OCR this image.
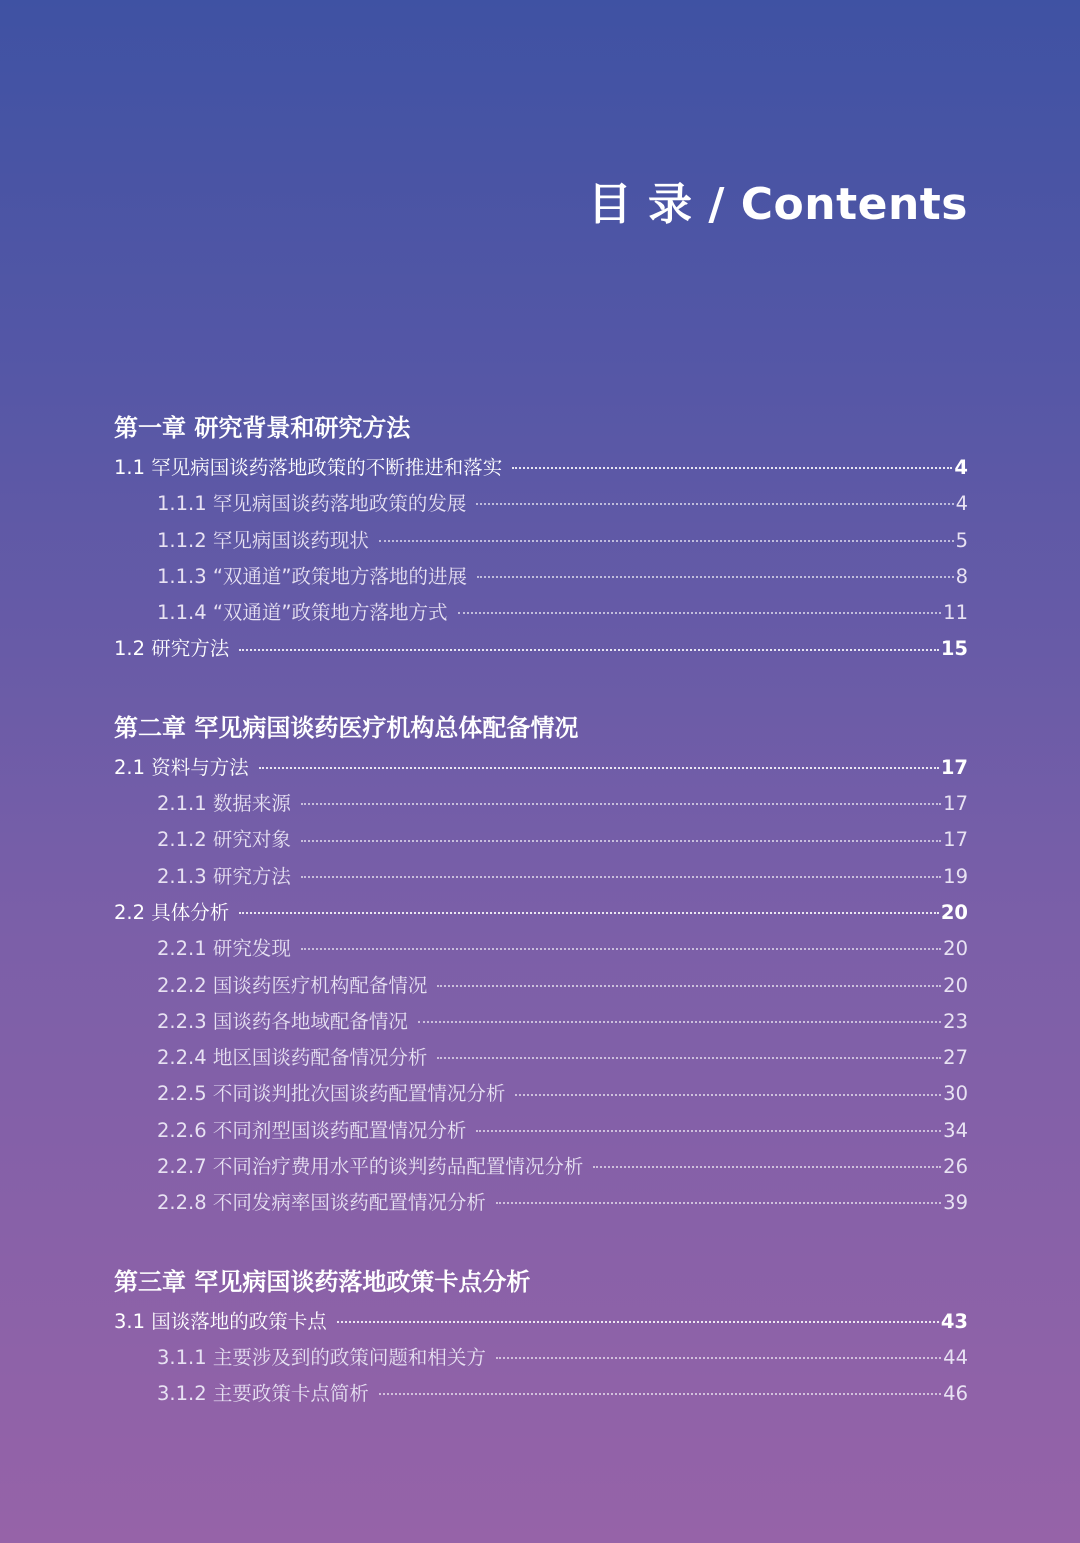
目 录 / Contents
第一章 研究背景和研究方法
1.1 罕见病国谈药落地政策的不断推进和落实	4
1.1.1 罕见病国谈药落地政策的发展	4
1.1.2 罕见病国谈药现状	5
1.1.3 “双通道”政策地方落地的进展	8
1.1.4 “双通道”政策地方落地方式	11
1.2 研究方法	15
第二章 罕见病国谈药医疗机构总体配备情况
2.1 资料与方法	17
2.1.1 数据来源	17
2.1.2 研究对象	17
2.1.3 研究方法	19
2.2 具体分析	20
2.2.1 研究发现	20
2.2.2 国谈药医疗机构配备情况	20
2.2.3 国谈药各地域配备情况	23
2.2.4 地区国谈药配备情况分析	27
2.2.5 不同谈判批次国谈药配置情况分析	30
2.2.6 不同剂型国谈药配置情况分析	34
2.2.7 不同治疗费用水平的谈判药品配置情况分析	26
2.2.8 不同发病率国谈药配置情况分析	39
第三章 罕见病国谈药落地政策卡点分析
3.1 国谈落地的政策卡点	43
3.1.1 主要涉及到的政策问题和相关方	44
3.1.2 主要政策卡点简析	46
